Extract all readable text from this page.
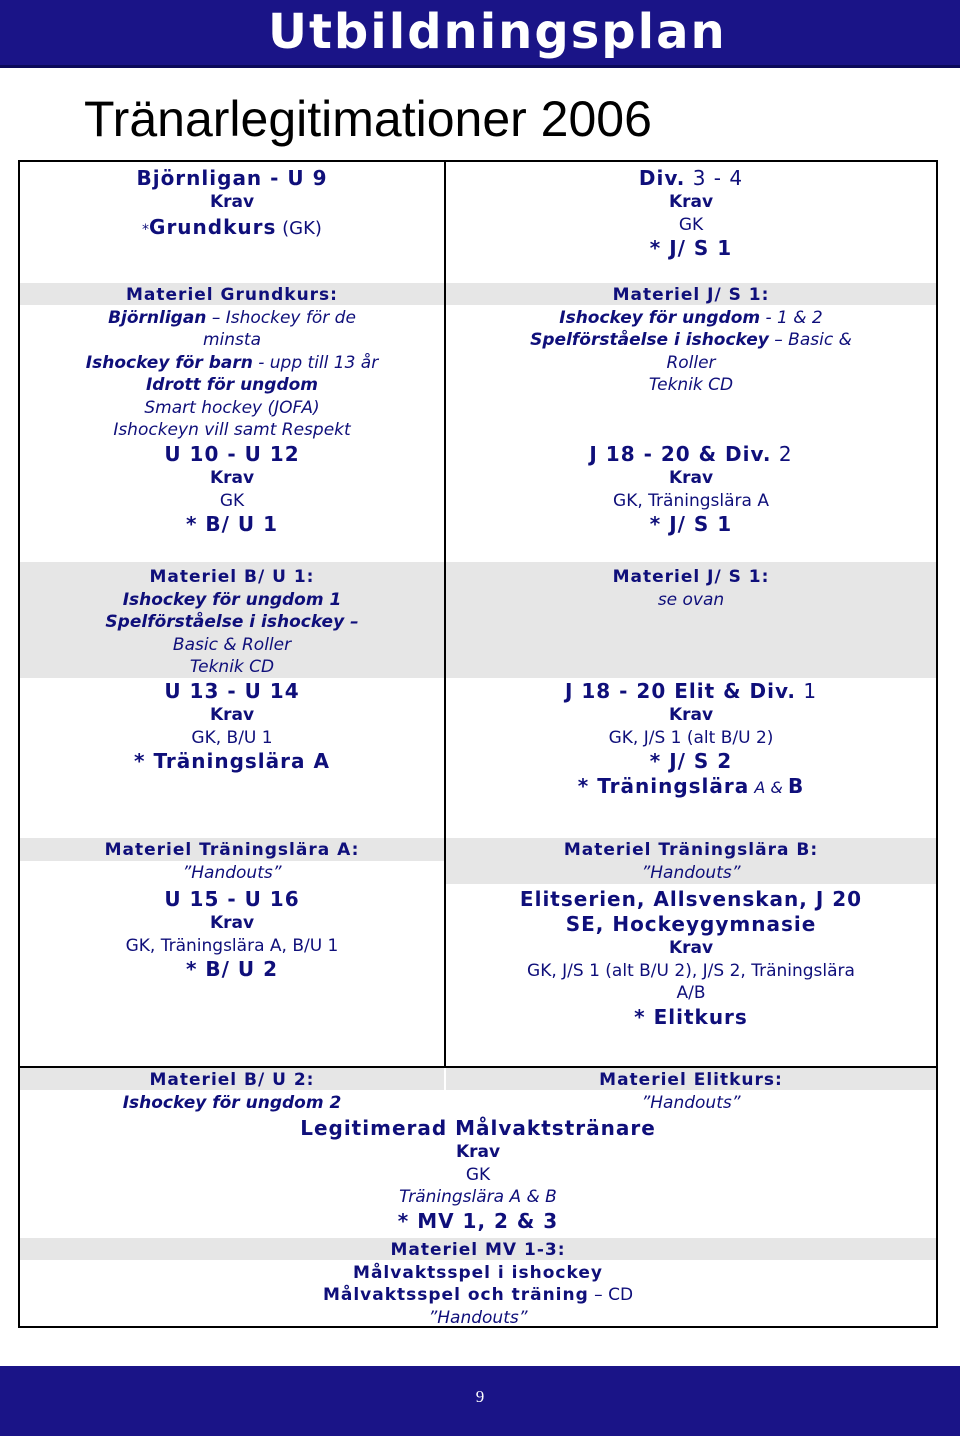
Utbildningsplan
Tränarlegitimationer 2006
Björnligan - U 9
Krav
*Grundkurs (GK)
Materiel Grundkurs:
Björnligan – Ishockey för de
minsta
Ishockey för barn - upp till 13 år
Idrott för ungdom
Smart hockey (JOFA)
Ishockeyn vill samt Respekt
U 10 - U 12
Krav
GK
* B/ U 1
Materiel B/ U 1:
Ishockey för ungdom 1
Spelförståelse i ishockey –
Basic & Roller
Teknik CD
U 13 - U 14
Krav
GK, B/U 1
* Träningslära A
Materiel Träningslära A:
”Handouts”
U 15 - U 16
Krav
GK, Träningslära A, B/U 1
* B/ U 2
Materiel B/ U 2:
Ishockey för ungdom 2
Div. 3 - 4
Krav
GK
* J/ S 1
Materiel J/ S 1:
Ishockey för ungdom - 1 & 2
Spelförståelse i ishockey – Basic &
Roller
Teknik CD
J 18 - 20 & Div. 2
Krav
GK, Träningslära A
* J/ S 1
Materiel J/ S 1:
se ovan
J 18 - 20 Elit & Div. 1
Krav
GK, J/S 1 (alt B/U 2)
* J/ S 2
* Träningslära A & B
Materiel Träningslära B:
”Handouts”
Elitserien, Allsvenskan, J 20
SE, Hockeygymnasie
Krav
GK, J/S 1 (alt B/U 2), J/S 2, Träningslära
A/B
* Elitkurs
Materiel Elitkurs:
”Handouts”
Legitimerad Målvaktstränare
Krav
GK
Träningslära A & B
* MV 1, 2 & 3
Materiel MV 1-3:
Målvaktsspel i ishockey
Målvaktsspel och träning – CD
”Handouts”
9
